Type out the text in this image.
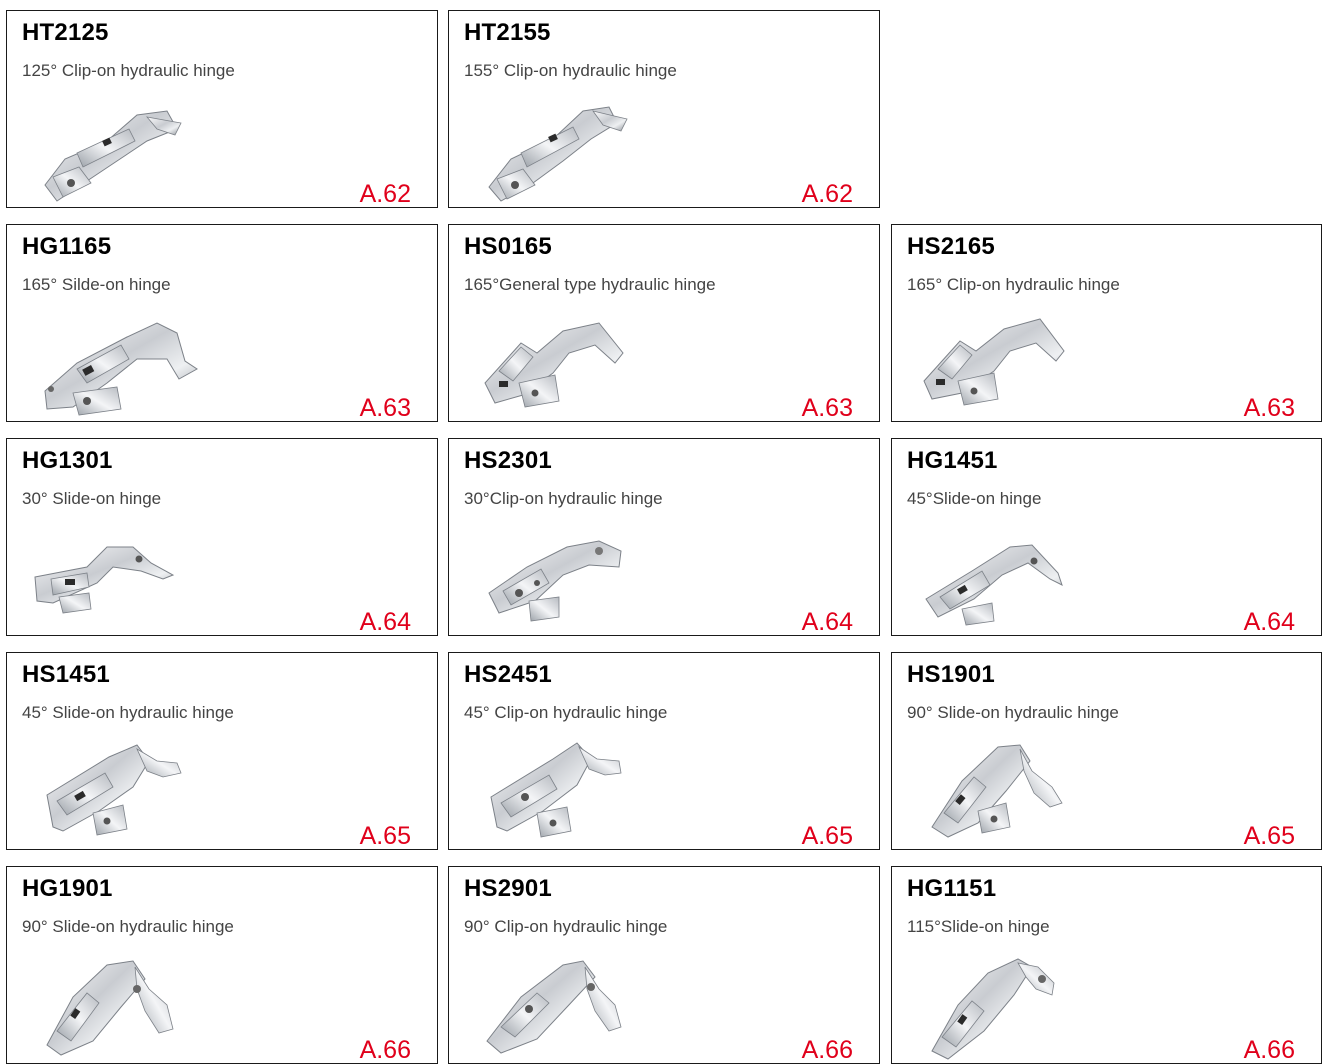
HT2125
125° Clip-on hydraulic hinge
A.62
HT2155
155° Clip-on hydraulic hinge
A.62
HG1165
165° Silde-on hinge
A.63
HS0165
165°General type hydraulic hinge
A.63
HS2165
165° Clip-on hydraulic hinge
A.63
HG1301
30° Slide-on hinge
A.64
HS2301
30°Clip-on hydraulic hinge
A.64
HG1451
45°Slide-on hinge
A.64
HS1451
45° Slide-on hydraulic hinge
A.65
HS2451
45° Clip-on hydraulic hinge
A.65
HS1901
90° Slide-on hydraulic hinge
A.65
HG1901
90° Slide-on hydraulic hinge
A.66
HS2901
90° Clip-on hydraulic hinge
A.66
HG1151
115°Slide-on hinge
A.66
